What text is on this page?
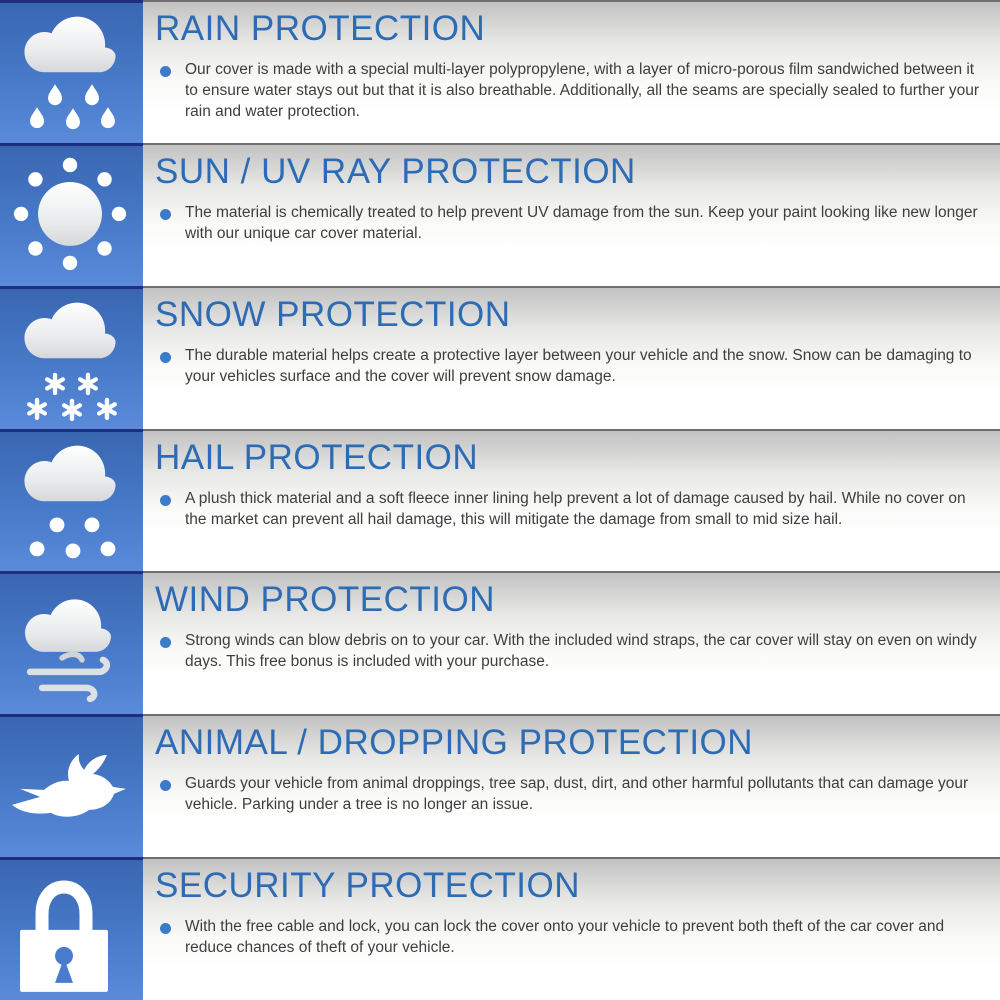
RAIN PROTECTION

Our cover is made with a special multi-layer polypropylene, with a layer of micro-porous film sandwiched between it to ensure water stays out but that it is also breathable. Additionally, all the seams are specially sealed to further your rain and water protection.

SUN / UV RAY PROTECTION

The material is chemically treated to help prevent UV damage from the sun. Keep your paint looking like new longer with our unique car cover material.

SNOW PROTECTION

The durable material helps create a protective layer between your vehicle and the snow. Snow can be damaging to your vehicles surface and the cover will prevent snow damage.

HAIL PROTECTION

A plush thick material and a soft fleece inner lining help prevent a lot of damage caused by hail. While no cover on the market can prevent all hail damage, this will mitigate the damage from small to mid size hail.

WIND PROTECTION

Strong winds can blow debris on to your car. With the included wind straps, the car cover will stay on even on windy days. This free bonus is included with your purchase.

ANIMAL / DROPPING PROTECTION

Guards your vehicle from animal droppings, tree sap, dust, dirt, and other harmful pollutants that can damage your vehicle. Parking under a tree is no longer an issue.

SECURITY PROTECTION

With the free cable and lock, you can lock the cover onto your vehicle to prevent both theft of the car cover and reduce chances of theft of your vehicle.
